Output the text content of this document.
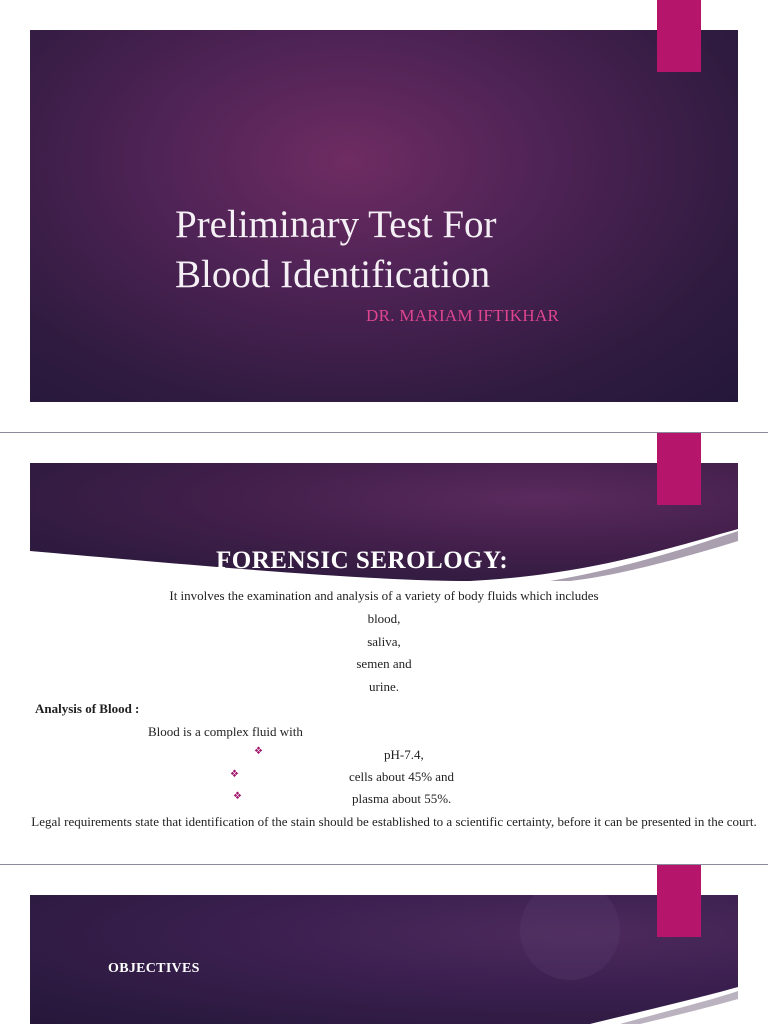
Preliminary Test For
Blood Identification
DR. MARIAM IFTIKHAR
FORENSIC SEROLOGY:
It involves the examination and analysis of a variety of body fluids which includes
blood,
saliva,
semen and
urine.
Analysis of Blood :
Blood is a complex fluid with
❖	pH-7.4,
❖	cells about 45% and
❖	plasma about 55%.
Legal requirements state that identification of the stain should be established to a scientific certainty, before it can be presented in the court.
OBJECTIVES
